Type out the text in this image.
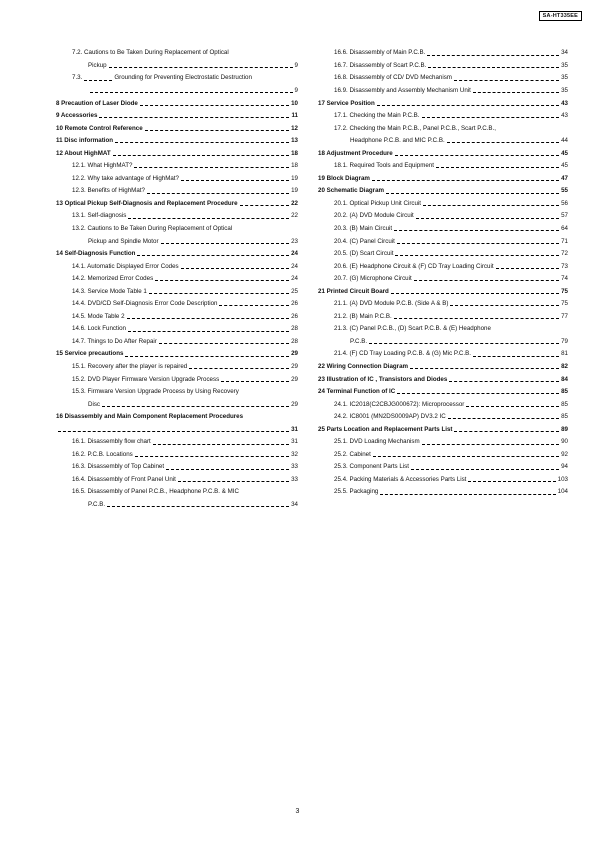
SA-HT335EE
7.2. Cautions to Be Taken During Replacement of Optical
Pickup	9
7.3.	Grounding for Preventing Electrostatic Destruction
9
8 Precaution of Laser Diode	10
9 Accessories	11
10 Remote Control Reference	12
11 Disc information	13
12 About HighMAT	18
12.1. What HighMAT?	18
12.2. Why take advantage of HighMat?	19
12.3. Benefits of HighMat?	19
13 Optical Pickup Self-Diagnosis and Replacement Procedure	22
13.1. Self-diagnosis	22
13.2. Cautions to Be Taken During Replacement of Optical
Pickup and Spindle Motor	23
14 Self-Diagnosis Function	24
14.1. Automatic Displayed Error Codes	24
14.2. Memorized Error Codes	24
14.3. Service Mode Table 1	25
14.4. DVD/CD Self-Diagnosis Error Code Description	26
14.5. Mode Table 2	26
14.6. Lock Function	28
14.7. Things to Do After Repair	28
15 Service precautions	29
15.1. Recovery after the player is repaired	29
15.2. DVD Player Firmware Version Upgrade Process	29
15.3. Firmware Version Upgrade Process by Using Recovery
Disc	29
16 Disassembly and Main Component Replacement Procedures
31
16.1. Disassembly flow chart	31
16.2. P.C.B. Locations	32
16.3. Disassembly of Top Cabinet	33
16.4. Disassembly of Front Panel Unit	33
16.5. Disassembly of Panel P.C.B., Headphone P.C.B. & MIC
P.C.B.	34
16.6. Disassembly of Main P.C.B.	34
16.7. Disassembly of Scart P.C.B.	35
16.8. Disassembly of CD/ DVD Mechanism	35
16.9. Disassembly and Assembly Mechanism Unit	35
17 Service Position	43
17.1. Checking the Main P.C.B.	43
17.2. Checking the Main P.C.B., Panel P.C.B., Scart P.C.B.,
Headphone P.C.B. and MIC P.C.B.	44
18 Adjustment Procedure	45
18.1. Required Tools and Equipment	45
19 Block Diagram	47
20 Schematic Diagram	55
20.1. Optical Pickup Unit Circuit	56
20.2. (A) DVD Module Circuit	57
20.3. (B) Main Circuit	64
20.4. (C) Panel Circuit	71
20.5. (D) Scart Circuit	72
20.6. (E) Headphone Circuit & (F) CD Tray Loading Circuit	73
20.7. (G) Microphone Circuit	74
21 Printed Circuit Board	75
21.1. (A) DVD Module P.C.B. (Side A & B)	75
21.2. (B) Main P.C.B.	77
21.3. (C) Panel P.C.B., (D) Scart P.C.B. & (E) Headphone
P.C.B.	79
21.4. (F) CD Tray Loading P.C.B. & (G) Mic P.C.B.	81
22 Wiring Connection Diagram	82
23 Illustration of IC , Transistors and Diodes	84
24 Terminal Function of IC	85
24.1. IC2018(C2CBJG000672): Microprocessor	85
24.2. IC8001 (MN2DS0009AP) DV3.2 IC	85
25 Parts Location and Replacement Parts List	89
25.1. DVD Loading Mechanism	90
25.2. Cabinet	92
25.3. Component Parts List	94
25.4. Packing Materials & Accessories Parts List	103
25.5. Packaging	104
3
